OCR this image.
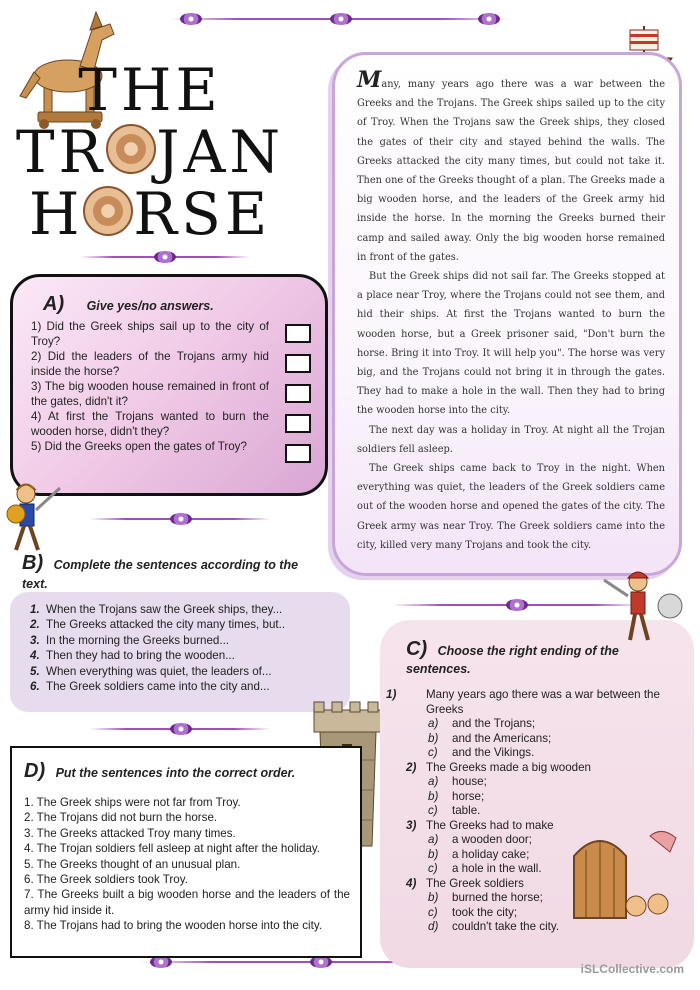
THE
TR JAN
H RSE

Many, many years ago there was a war between the Greeks and the Trojans. The Greek ships sailed up to the city of Troy. When the Trojans saw the Greek ships, they closed the gates of their city and stayed behind the walls. The Greeks attacked the city many times, but could not take it. Then one of the Greeks thought of a plan. The Greeks made a big wooden horse, and the leaders of the Greek army hid inside the horse. In the morning the Greeks burned their camp and sailed away. Only the big wooden horse remained in front of the gates.

But the Greek ships did not sail far. The Greeks stopped at a place near Troy, where the Trojans could not see them, and hid their ships. At first the Trojans wanted to burn the wooden horse, but a Greek prisoner said, "Don't burn the horse. Bring it into Troy. It will help you". The horse was very big, and the Trojans could not bring it in through the gates. They had to make a hole in the wall. Then they had to bring the wooden horse into the city.

The next day was a holiday in Troy. At night all the Trojan soldiers fell asleep.

The Greek ships came back to Troy in the night. When everything was quiet, the leaders of the Greek soldiers came out of the wooden horse and opened the gates of the city. The Greek army was near Troy. The Greek soldiers came into the city, killed very many Trojans and took the city.

A) Give yes/no answers.
1) Did the Greek ships sail up to the city of Troy?
2) Did the leaders of the Trojans army hid inside the horse?
3) The big wooden house remained in front of the gates, didn't it?
4) At first the Trojans wanted to burn the wooden horse, didn't they?
5) Did the Greeks open the gates of Troy?
B) Complete the sentences according to the text.
1. When the Trojans saw the Greek ships, they...
2. The Greeks attacked the city many times, but..
3. In the morning the Greeks burned...
4. Then they had to bring the wooden...
5. When everything was quiet, the leaders of...
6. The Greek soldiers came into the city and...
D) Put the sentences into the correct order.
1. The Greek ships were not far from Troy.
2. The Trojans did not burn the horse.
3. The Greeks attacked Troy many times.
4. The Trojan soldiers fell asleep at night after the holiday.
5. The Greeks thought of an unusual plan.
6. The Greek soldiers took Troy.
7. The Greeks built a big wooden horse and the leaders of the army hid inside it.
8. The Trojans had to bring the wooden horse into the city.
C) Choose the right ending of the sentences.
1)	Many years ago there was a war between the Greeks
a) and the Trojans;
b) and the Americans;
c) and the Vikings.
2) The Greeks made a big wooden
a) house;
b) horse;
c) table.
3) The Greeks had to make
a) a wooden door;
b) a holiday cake;
c) a hole in the wall.
4) The Greek soldiers
b) burned the horse;
c) took the city;
d) couldn't take the city.
iSLCollective.com
